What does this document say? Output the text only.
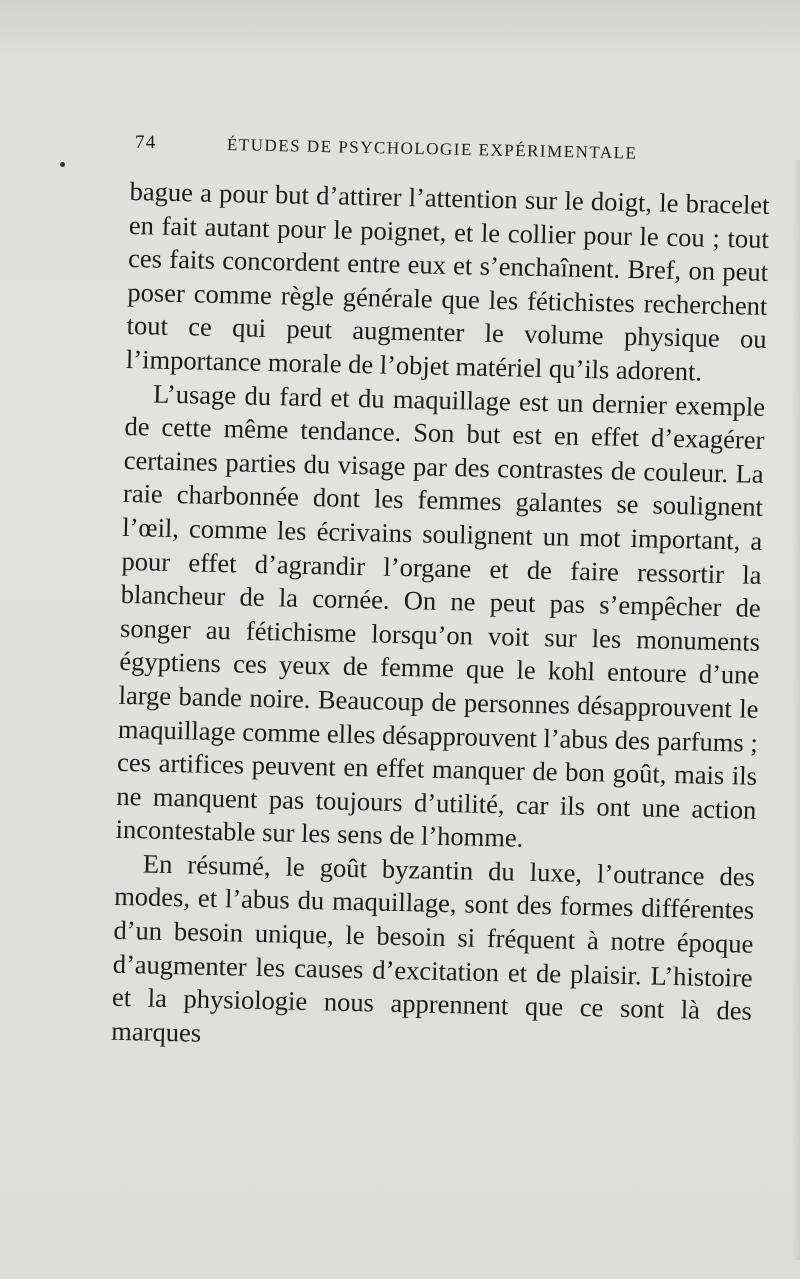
74	ÉTUDES DE PSYCHOLOGIE EXPÉRIMENTALE

bague a pour but d’attirer l’attention sur le doigt, le bracelet en fait autant pour le poignet, et le collier pour le cou ; tout ces faits concordent entre eux et s’enchaînent. Bref, on peut poser comme règle générale que les fétichistes recherchent tout ce qui peut augmenter le volume physique ou l’importance morale de l’objet matériel qu’ils adorent.

L’usage du fard et du maquillage est un dernier exemple de cette même tendance. Son but est en effet d’exagérer certaines parties du visage par des contrastes de couleur. La raie charbonnée dont les femmes galantes se soulignent l’œil, comme les écrivains soulignent un mot important, a pour effet d’agrandir l’organe et de faire ressortir la blancheur de la cornée. On ne peut pas s’empêcher de songer au fétichisme lorsqu’on voit sur les monuments égyptiens ces yeux de femme que le kohl entoure d’une large bande noire. Beaucoup de personnes désapprouvent le maquillage comme elles désapprouvent l’abus des parfums ; ces artifices peuvent en effet manquer de bon goût, mais ils ne manquent pas toujours d’utilité, car ils ont une action incontestable sur les sens de l’homme.

En résumé, le goût byzantin du luxe, l’outrance des modes, et l’abus du maquillage, sont des formes différentes d’un besoin unique, le besoin si fréquent à notre époque d’augmenter les causes d’excitation et de plaisir. L’histoire et la physiologie nous apprennent que ce sont là des marques
